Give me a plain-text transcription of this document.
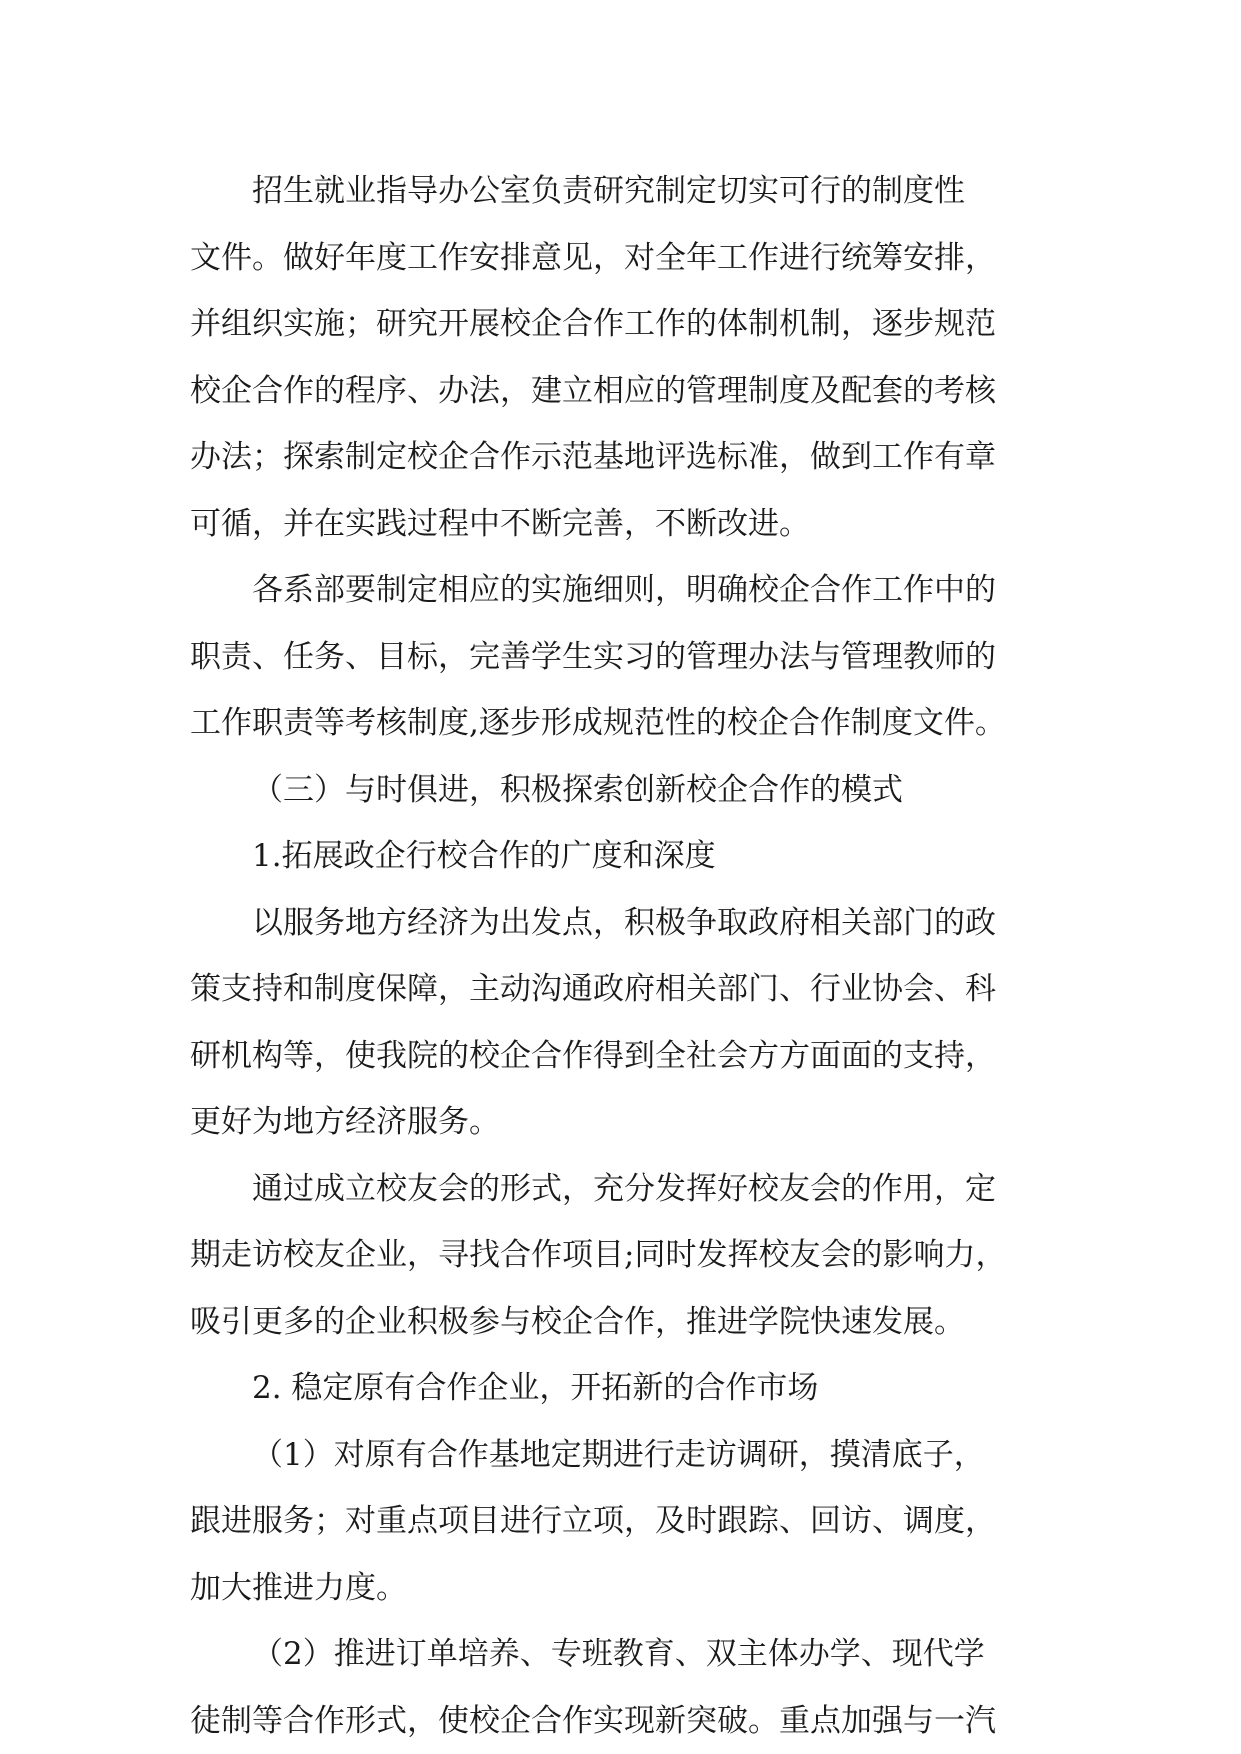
招生就业指导办公室负责研究制定切实可行的制度性
文件。做好年度工作安排意见，对全年工作进行统筹安排，
并组织实施；研究开展校企合作工作的体制机制，逐步规范
校企合作的程序、办法，建立相应的管理制度及配套的考核
办法；探索制定校企合作示范基地评选标准，做到工作有章
可循，并在实践过程中不断完善，不断改进。
各系部要制定相应的实施细则，明确校企合作工作中的
职责、任务、目标，完善学生实习的管理办法与管理教师的
工作职责等考核制度,逐步形成规范性的校企合作制度文件。
（三）与时俱进，积极探索创新校企合作的模式
1.拓展政企行校合作的广度和深度
以服务地方经济为出发点，积极争取政府相关部门的政
策支持和制度保障，主动沟通政府相关部门、行业协会、科
研机构等，使我院的校企合作得到全社会方方面面的支持，
更好为地方经济服务。
通过成立校友会的形式，充分发挥好校友会的作用，定
期走访校友企业，寻找合作项目;同时发挥校友会的影响力，
吸引更多的企业积极参与校企合作，推进学院快速发展。
2. 稳定原有合作企业，开拓新的合作市场
（1）对原有合作基地定期进行走访调研，摸清底子，
跟进服务；对重点项目进行立项，及时跟踪、回访、调度，
加大推进力度。
（2）推进订单培养、专班教育、双主体办学、现代学
徒制等合作形式，使校企合作实现新突破。重点加强与一汽
